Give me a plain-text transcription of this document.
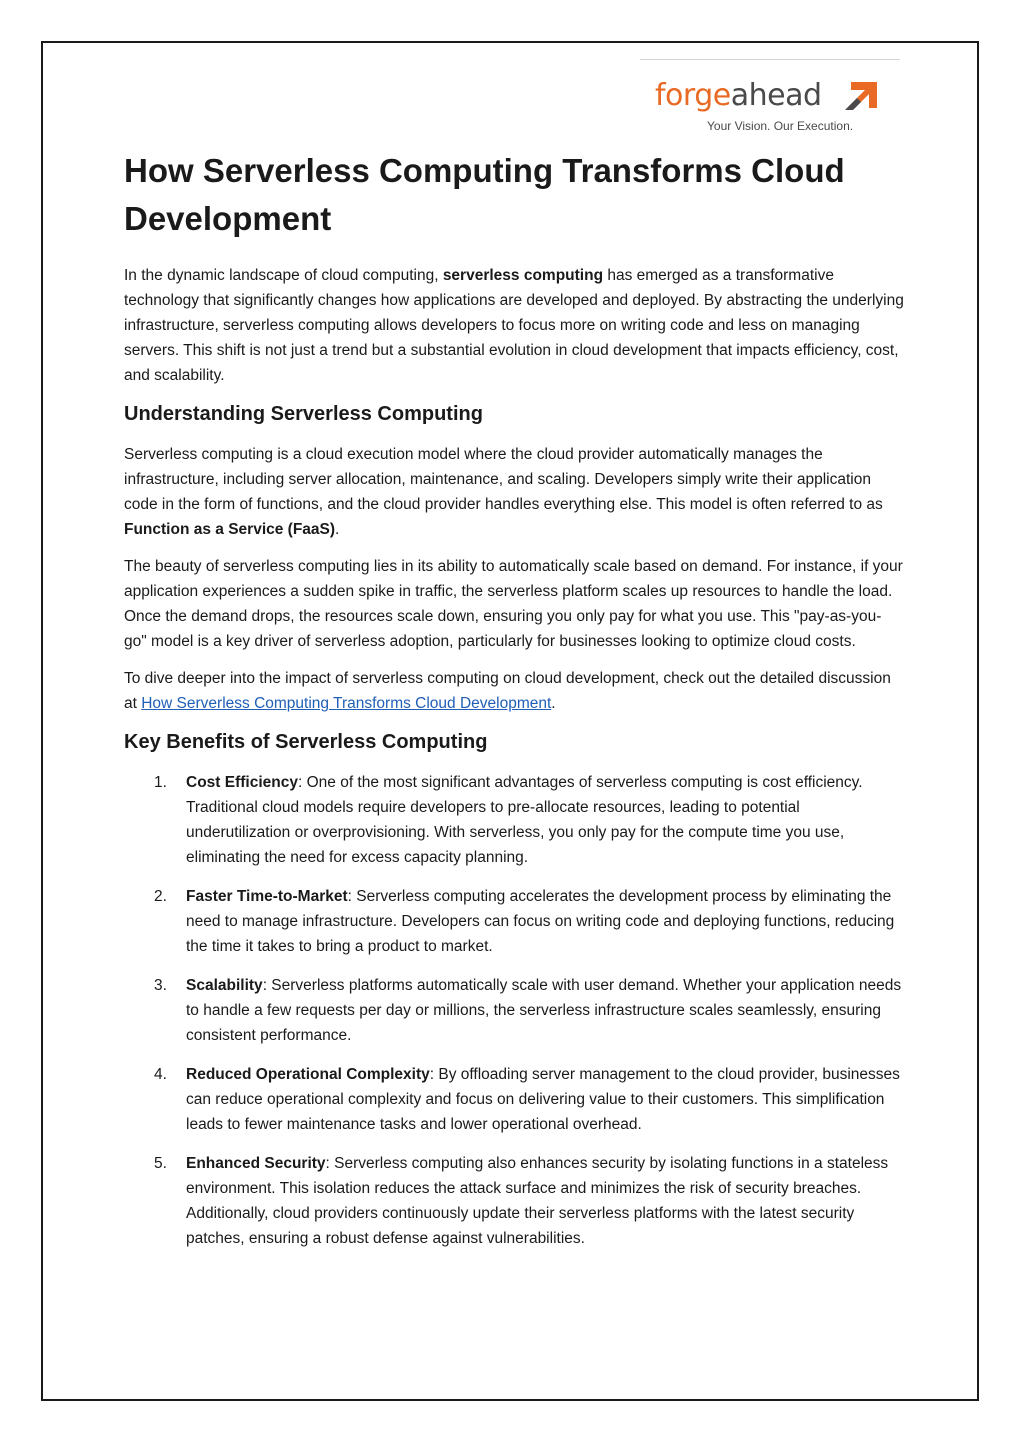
forgeahead
Your Vision. Our Execution.
How Serverless Computing Transforms Cloud Development

In the dynamic landscape of cloud computing, serverless computing has emerged as a transformative technology that significantly changes how applications are developed and deployed. By abstracting the underlying infrastructure, serverless computing allows developers to focus more on writing code and less on managing servers. This shift is not just a trend but a substantial evolution in cloud development that impacts efficiency, cost, and scalability.

Understanding Serverless Computing

Serverless computing is a cloud execution model where the cloud provider automatically manages the infrastructure, including server allocation, maintenance, and scaling. Developers simply write their application code in the form of functions, and the cloud provider handles everything else. This model is often referred to as Function as a Service (FaaS).

The beauty of serverless computing lies in its ability to automatically scale based on demand. For instance, if your application experiences a sudden spike in traffic, the serverless platform scales up resources to handle the load. Once the demand drops, the resources scale down, ensuring you only pay for what you use. This "pay-as-you-go" model is a key driver of serverless adoption, particularly for businesses looking to optimize cloud costs.

To dive deeper into the impact of serverless computing on cloud development, check out the detailed discussion at How Serverless Computing Transforms Cloud Development.

Key Benefits of Serverless Computing
1. Cost Efficiency: One of the most significant advantages of serverless computing is cost efficiency. Traditional cloud models require developers to pre-allocate resources, leading to potential underutilization or overprovisioning. With serverless, you only pay for the compute time you use, eliminating the need for excess capacity planning.
2. Faster Time-to-Market: Serverless computing accelerates the development process by eliminating the need to manage infrastructure. Developers can focus on writing code and deploying functions, reducing the time it takes to bring a product to market.
3. Scalability: Serverless platforms automatically scale with user demand. Whether your application needs to handle a few requests per day or millions, the serverless infrastructure scales seamlessly, ensuring consistent performance.
4. Reduced Operational Complexity: By offloading server management to the cloud provider, businesses can reduce operational complexity and focus on delivering value to their customers. This simplification leads to fewer maintenance tasks and lower operational overhead.
5. Enhanced Security: Serverless computing also enhances security by isolating functions in a stateless environment. This isolation reduces the attack surface and minimizes the risk of security breaches. Additionally, cloud providers continuously update their serverless platforms with the latest security patches, ensuring a robust defense against vulnerabilities.
